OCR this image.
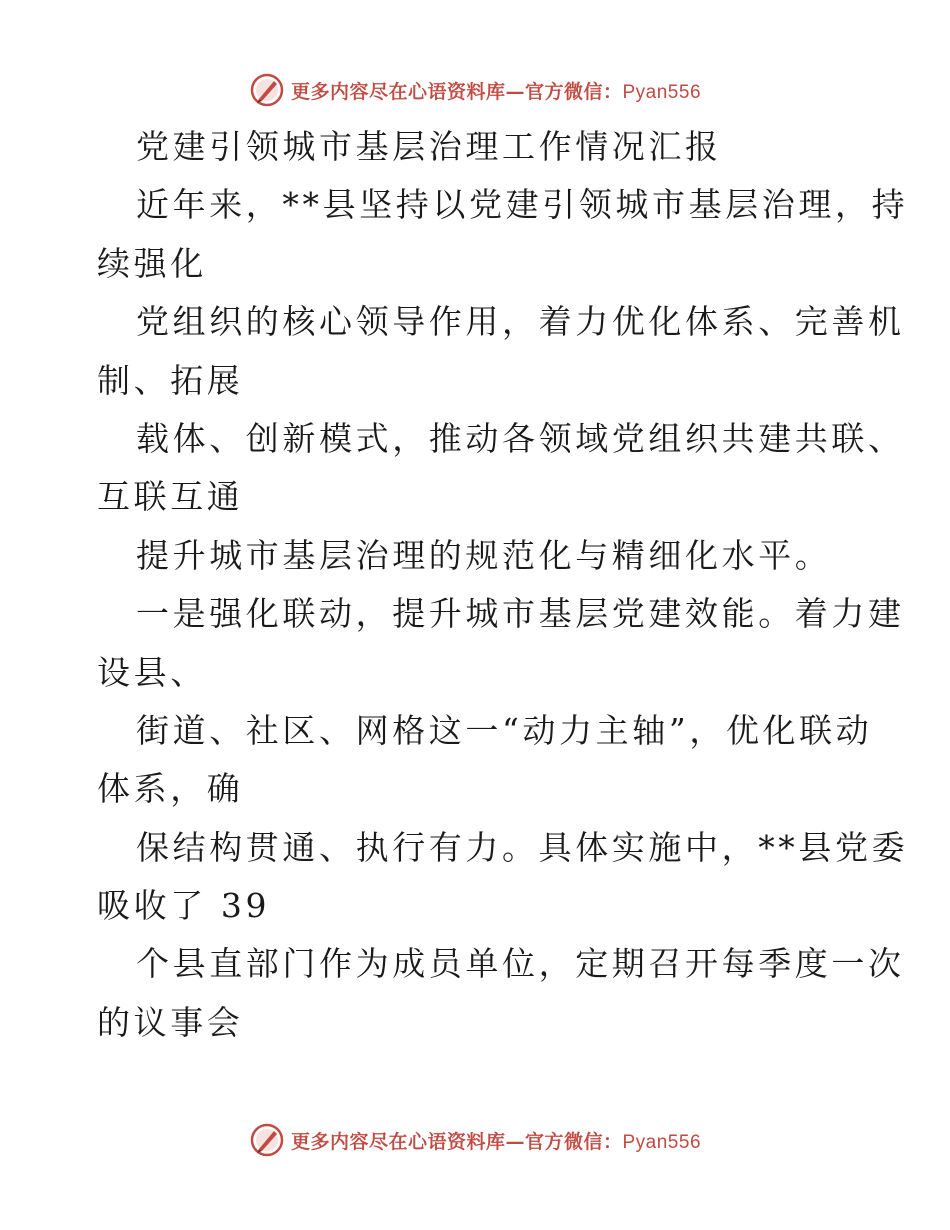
更多内容尽在心语资料库—官方微信：Pyan556
党建引领城市基层治理工作情况汇报
近年来，**县坚持以党建引领城市基层治理，持
续强化
党组织的核心领导作用，着力优化体系、完善机
制、拓展
载体、创新模式，推动各领域党组织共建共联、
互联互通
提升城市基层治理的规范化与精细化水平。
一是强化联动，提升城市基层党建效能。着力建
设县、
街道、社区、网格这一“动力主轴”，优化联动
体系，确
保结构贯通、执行有力。具体实施中，**县党委
吸收了 39
个县直部门作为成员单位，定期召开每季度一次
的议事会
更多内容尽在心语资料库—官方微信：Pyan556
